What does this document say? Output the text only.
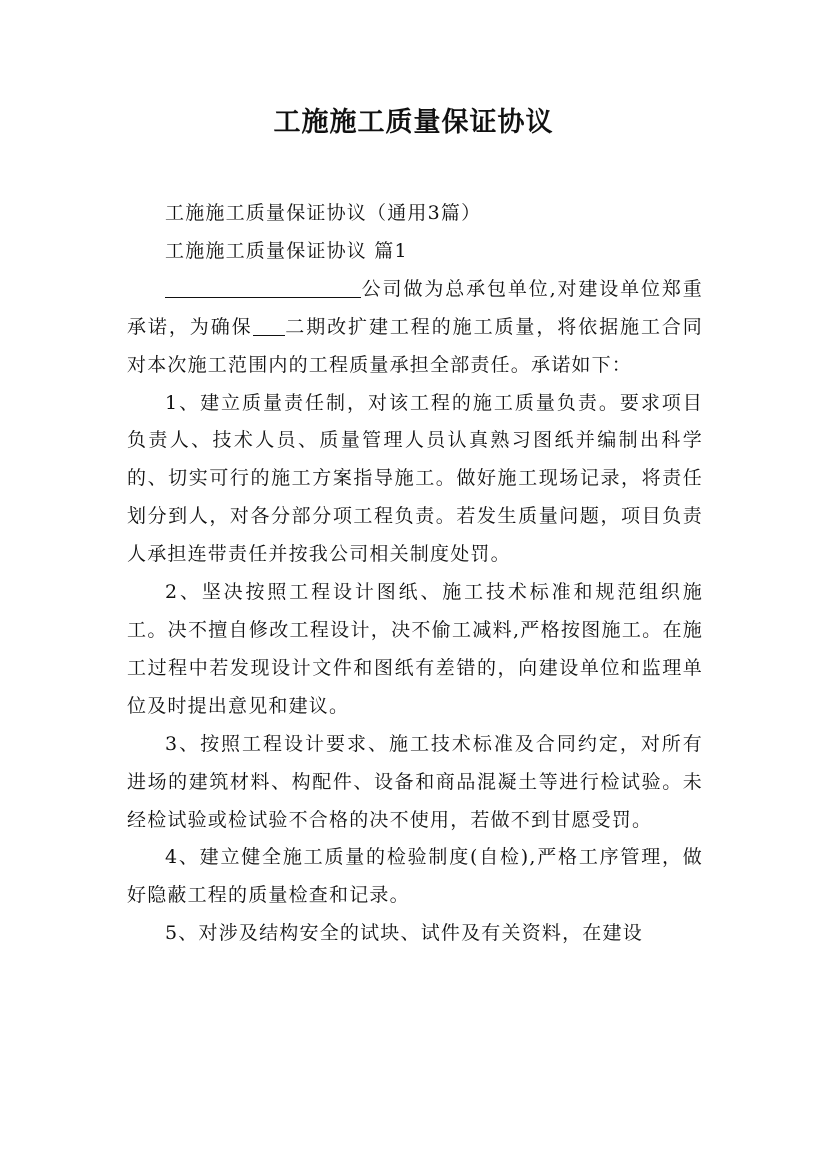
工施施工质量保证协议

工施施工质量保证协议（通用3篇）

工施施工质量保证协议 篇1

公司做为总承包单位,对建设单位郑重承诺，为确保 二期改扩建工程的施工质量，将依据施工合同对本次施工范围内的工程质量承担全部责任。承诺如下：

1、建立质量责任制，对该工程的施工质量负责。要求项目负责人、技术人员、质量管理人员认真熟习图纸并编制出科学的、切实可行的施工方案指导施工。做好施工现场记录，将责任划分到人，对各分部分项工程负责。若发生质量问题，项目负责人承担连带责任并按我公司相关制度处罚。

2、坚决按照工程设计图纸、施工技术标准和规范组织施工。决不擅自修改工程设计，决不偷工减料,严格按图施工。在施工过程中若发现设计文件和图纸有差错的，向建设单位和监理单位及时提出意见和建议。

3、按照工程设计要求、施工技术标准及合同约定，对所有进场的建筑材料、构配件、设备和商品混凝土等进行检试验。未经检试验或检试验不合格的决不使用，若做不到甘愿受罚。

4、建立健全施工质量的检验制度(自检),严格工序管理，做好隐蔽工程的质量检查和记录。

5、对涉及结构安全的试块、试件及有关资料，在建设
